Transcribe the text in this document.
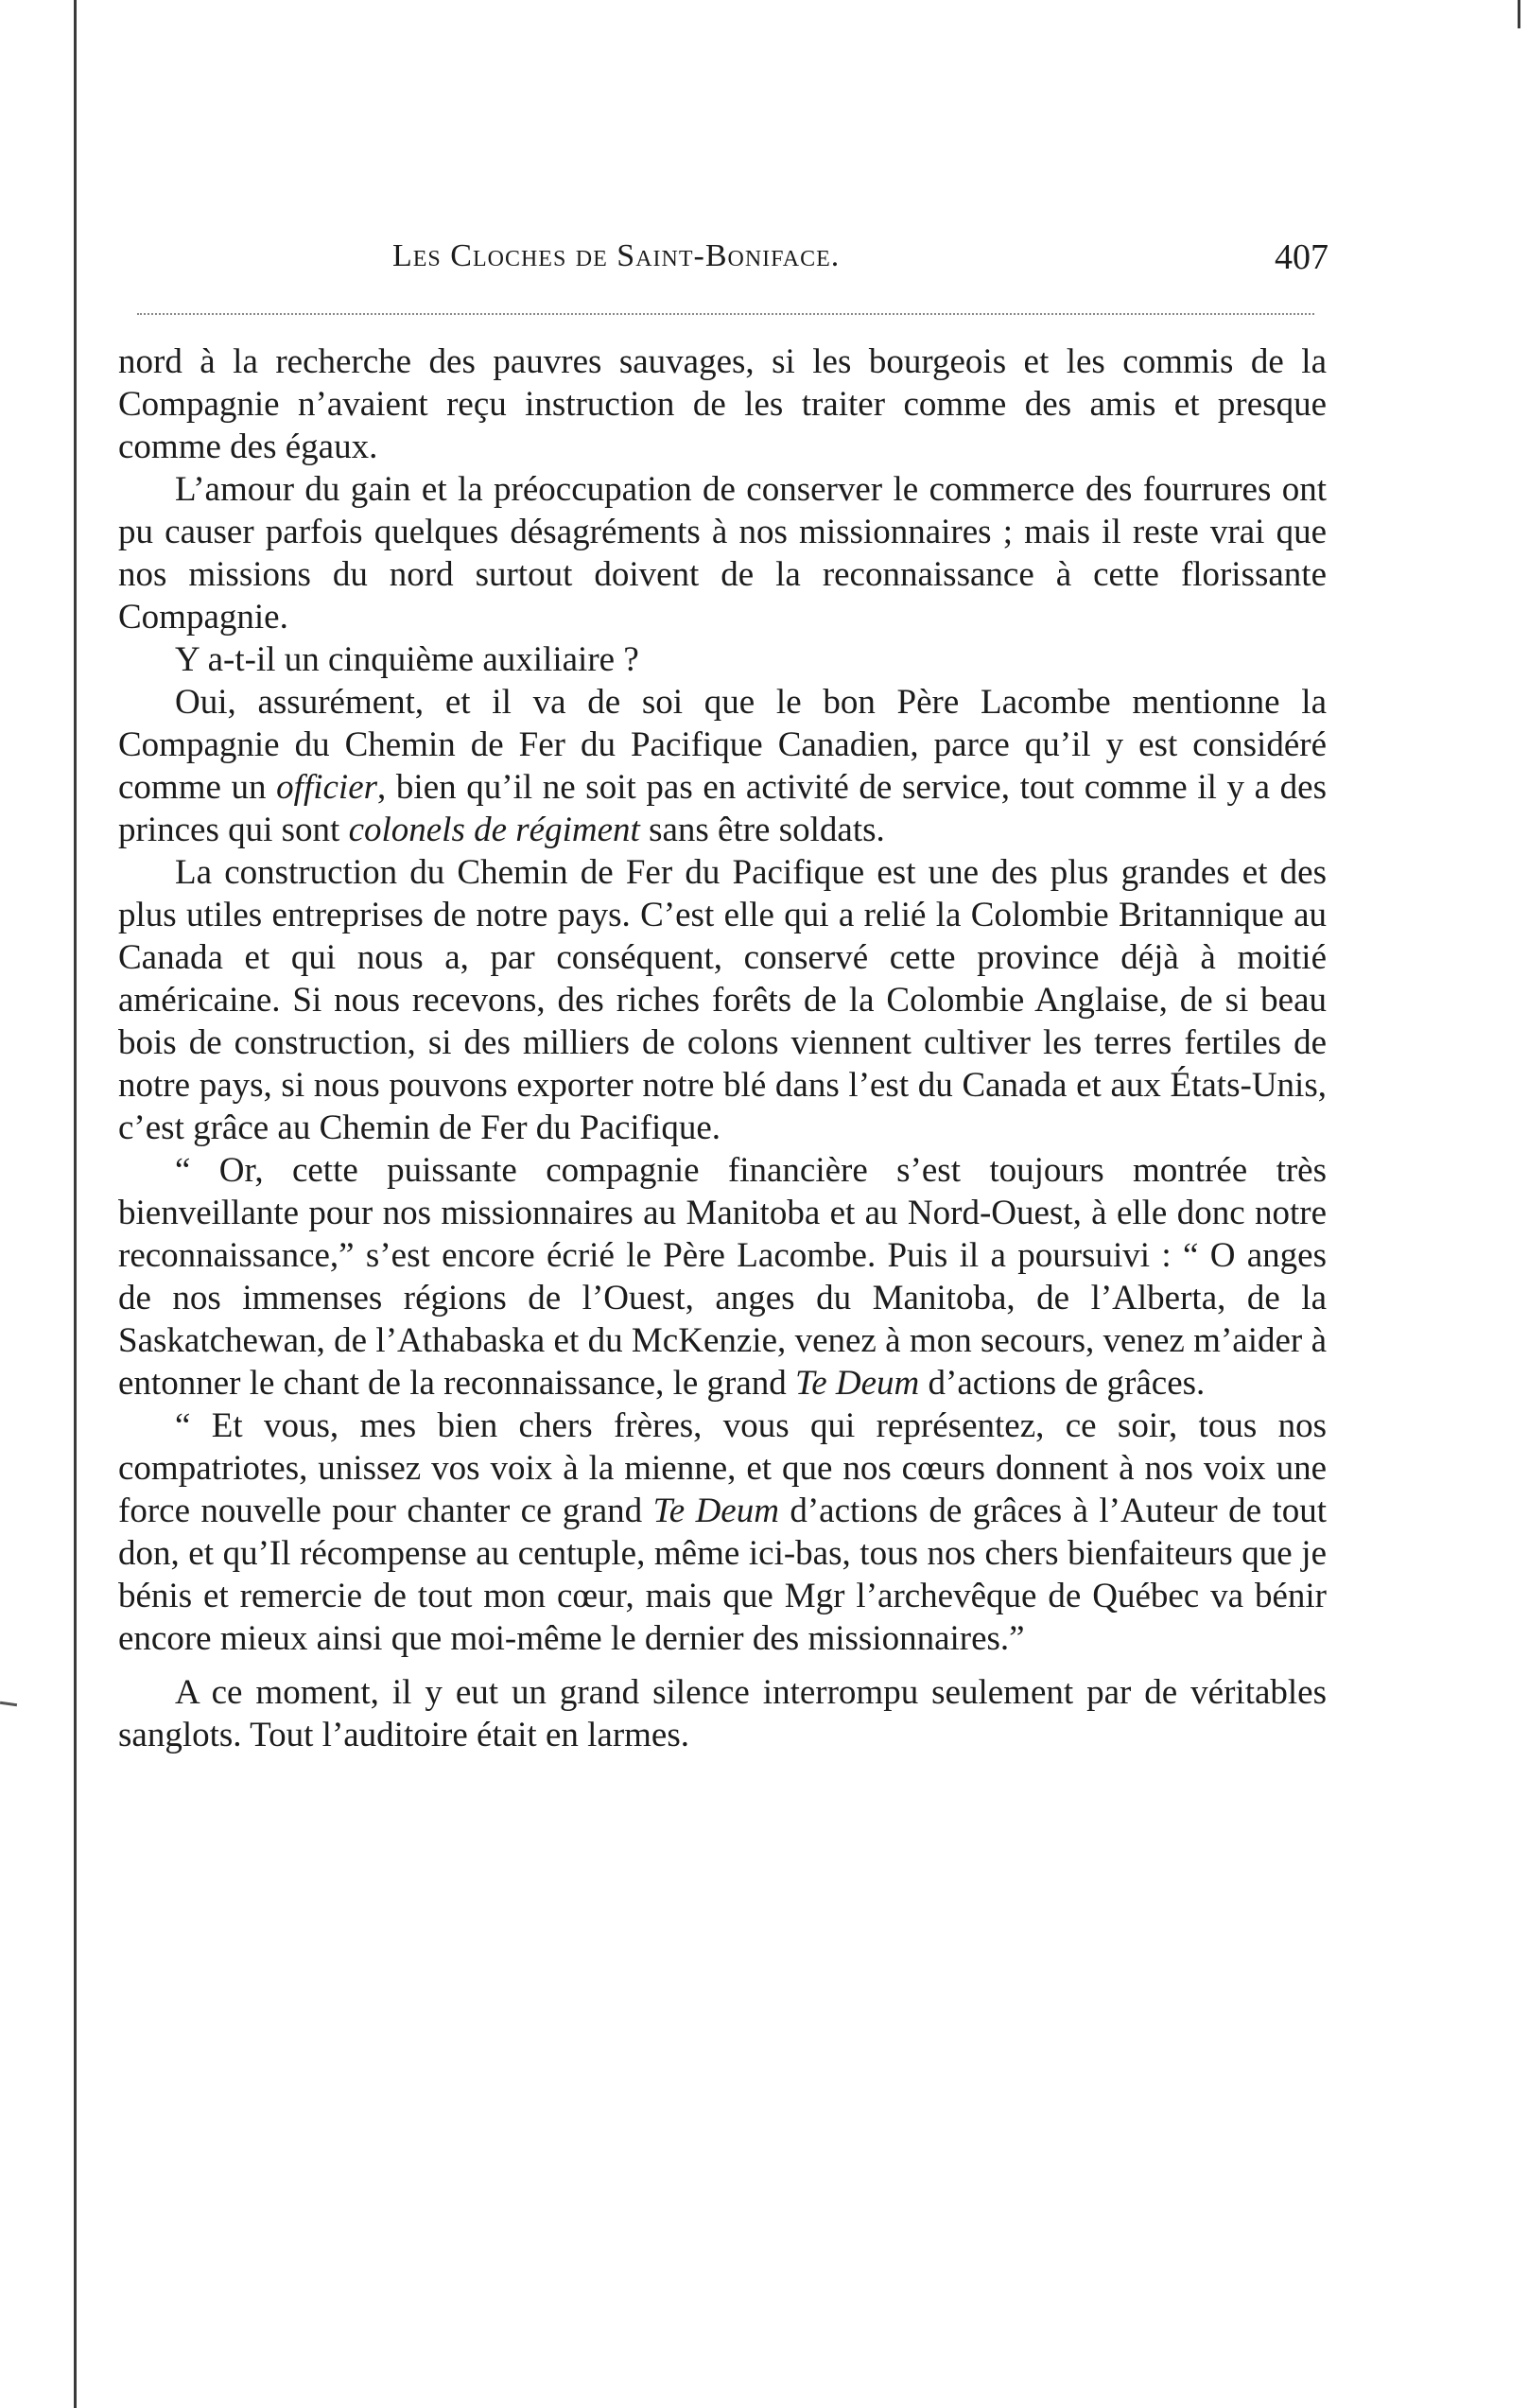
Les Cloches de Saint-Boniface.	407

nord à la recherche des pauvres sauvages, si les bourgeois et les commis de la Compagnie n’avaient reçu instruction de les traiter comme des amis et presque comme des égaux.

L’amour du gain et la préoccupation de conserver le commerce des fourrures ont pu causer parfois quelques désagréments à nos missionnaires ; mais il reste vrai que nos missions du nord surtout doivent de la reconnaissance à cette florissante Compagnie.

Y a-t-il un cinquième auxiliaire ?

Oui, assurément, et il va de soi que le bon Père Lacombe mentionne la Compagnie du Chemin de Fer du Pacifique Canadien, parce qu’il y est considéré comme un officier, bien qu’il ne soit pas en activité de service, tout comme il y a des princes qui sont colonels de régiment sans être soldats.

La construction du Chemin de Fer du Pacifique est une des plus grandes et des plus utiles entreprises de notre pays. C’est elle qui a relié la Colombie Britannique au Canada et qui nous a, par conséquent, conservé cette province déjà à moitié américaine. Si nous recevons, des riches forêts de la Colombie Anglaise, de si beau bois de construction, si des milliers de colons viennent cultiver les terres fertiles de notre pays, si nous pouvons exporter notre blé dans l’est du Canada et aux États-Unis, c’est grâce au Chemin de Fer du Pacifique.

“ Or, cette puissante compagnie financière s’est toujours montrée très bienveillante pour nos missionnaires au Manitoba et au Nord-Ouest, à elle donc notre reconnaissance,” s’est encore écrié le Père Lacombe. Puis il a poursuivi : “ O anges de nos immenses régions de l’Ouest, anges du Manitoba, de l’Alberta, de la Saskatchewan, de l’Athabaska et du McKenzie, venez à mon secours, venez m’aider à entonner le chant de la reconnaissance, le grand Te Deum d’actions de grâces.

“ Et vous, mes bien chers frères, vous qui représentez, ce soir, tous nos compatriotes, unissez vos voix à la mienne, et que nos cœurs donnent à nos voix une force nouvelle pour chanter ce grand Te Deum d’actions de grâces à l’Auteur de tout don, et qu’Il récompense au centuple, même ici-bas, tous nos chers bienfaiteurs que je bénis et remercie de tout mon cœur, mais que Mgr l’archevêque de Québec va bénir encore mieux ainsi que moi-même le dernier des missionnaires.”

A ce moment, il y eut un grand silence interrompu seulement par de véritables sanglots. Tout l’auditoire était en larmes.
